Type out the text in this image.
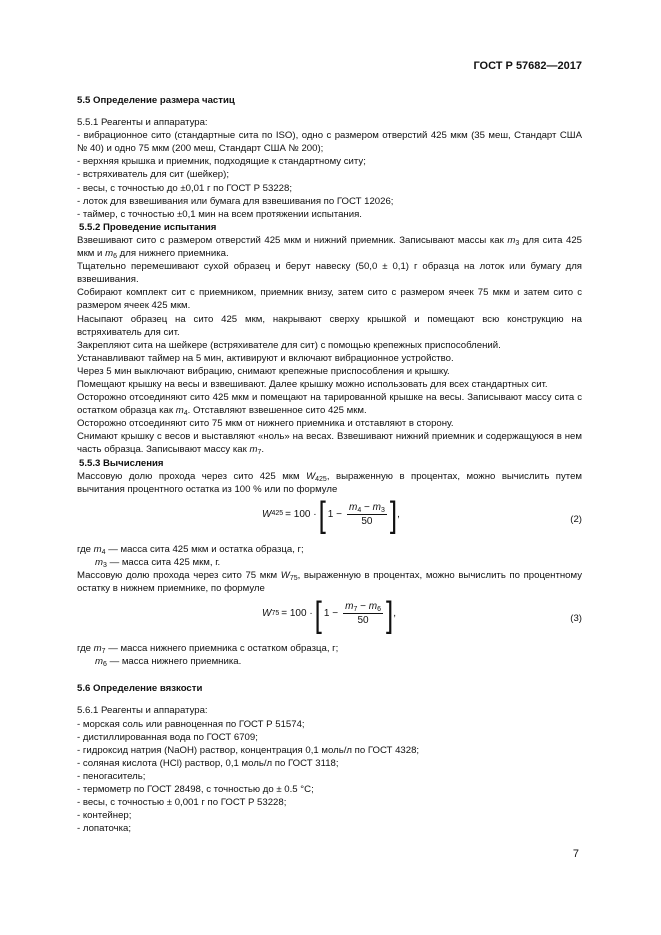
ГОСТ Р 57682—2017

5.5 Определение размера частиц

5.5.1 Реагенты и аппаратура:

- вибрационное сито (стандартные сита по ISO), одно с размером отверстий 425 мкм (35 меш, Стандарт США № 40) и одно 75 мкм (200 меш, Стандарт США № 200);

- верхняя крышка и приемник, подходящие к стандартному ситу;

- встряхиватель для сит (шейкер);

- весы, с точностью до ±0,01 г по ГОСТ Р 53228;

- лоток для взвешивания или бумага для взвешивания по ГОСТ 12026;

- таймер, с точностью ±0,1 мин на всем протяжении испытания.

5.5.2 Проведение испытания

Взвешивают сито с размером отверстий 425 мкм и нижний приемник. Записывают массы как $m_3$ для сита 425 мкм и $m_6$ для нижнего приемника.

Тщательно перемешивают сухой образец и берут навеску (50,0 ± 0,1) г образца на лоток или бумагу для взвешивания.

Собирают комплект сит с приемником, приемник внизу, затем сито с размером ячеек 75 мкм и затем сито с размером ячеек 425 мкм.

Насыпают образец на сито 425 мкм, накрывают сверху крышкой и помещают всю конструкцию на встряхиватель для сит.

Закрепляют сита на шейкере (встряхивателе для сит) с помощью крепежных приспособлений.

Устанавливают таймер на 5 мин, активируют и включают вибрационное устройство.

Через 5 мин выключают вибрацию, снимают крепежные приспособления и крышку.

Помещают крышку на весы и взвешивают. Далее крышку можно использовать для всех стандартных сит.

Осторожно отсоединяют сито 425 мкм и помещают на тарированной крышке на весы. Записывают массу сита с остатком образца как $m_4$. Отставляют взвешенное сито 425 мкм.

Осторожно отсоединяют сито 75 мкм от нижнего приемника и отставляют в сторону.

Снимают крышку с весов и выставляют «ноль» на весах. Взвешивают нижний приемник и содержащуюся в нем часть образца. Записывают массу как $m_7$.

5.5.3 Вычисления

Массовую долю прохода через сито 425 мкм $W_{425}$, выраженную в процентах, можно вычислить путем вычитания процентного остатка из 100 % или по формуле

W 425 = 100 · [ $1 - \frac{m_4 - m_3}{50}$ ] ,	(2)

где $m_4$ — масса сита 425 мкм и остатка образца, г;

$m_3$ — масса сита 425 мкм, г.

Массовую долю прохода через сито 75 мкм $W_{75}$, выраженную в процентах, можно вычислить по процентному остатку в нижнем приемнике, по формуле

W 75 = 100 · [ $1 - \frac{m_7 - m_6}{50}$ ] ,	(3)

где $m_7$ — масса нижнего приемника с остатком образца, г;

$m_6$ — масса нижнего приемника.

5.6 Определение вязкости

5.6.1 Реагенты и аппаратура:

- морская соль или равноценная по ГОСТ Р 51574;

- дистиллированная вода по ГОСТ 6709;

- гидроксид натрия (NaOH) раствор, концентрация 0,1 моль/л по ГОСТ 4328;

- соляная кислота (HCl) раствор, 0,1 моль/л по ГОСТ 3118;

- пеногаситель;

- термометр по ГОСТ 28498, с точностью до ± 0.5 °С;

- весы, с точностью ± 0,001 г по ГОСТ Р 53228;

- контейнер;

- лопаточка;

7
